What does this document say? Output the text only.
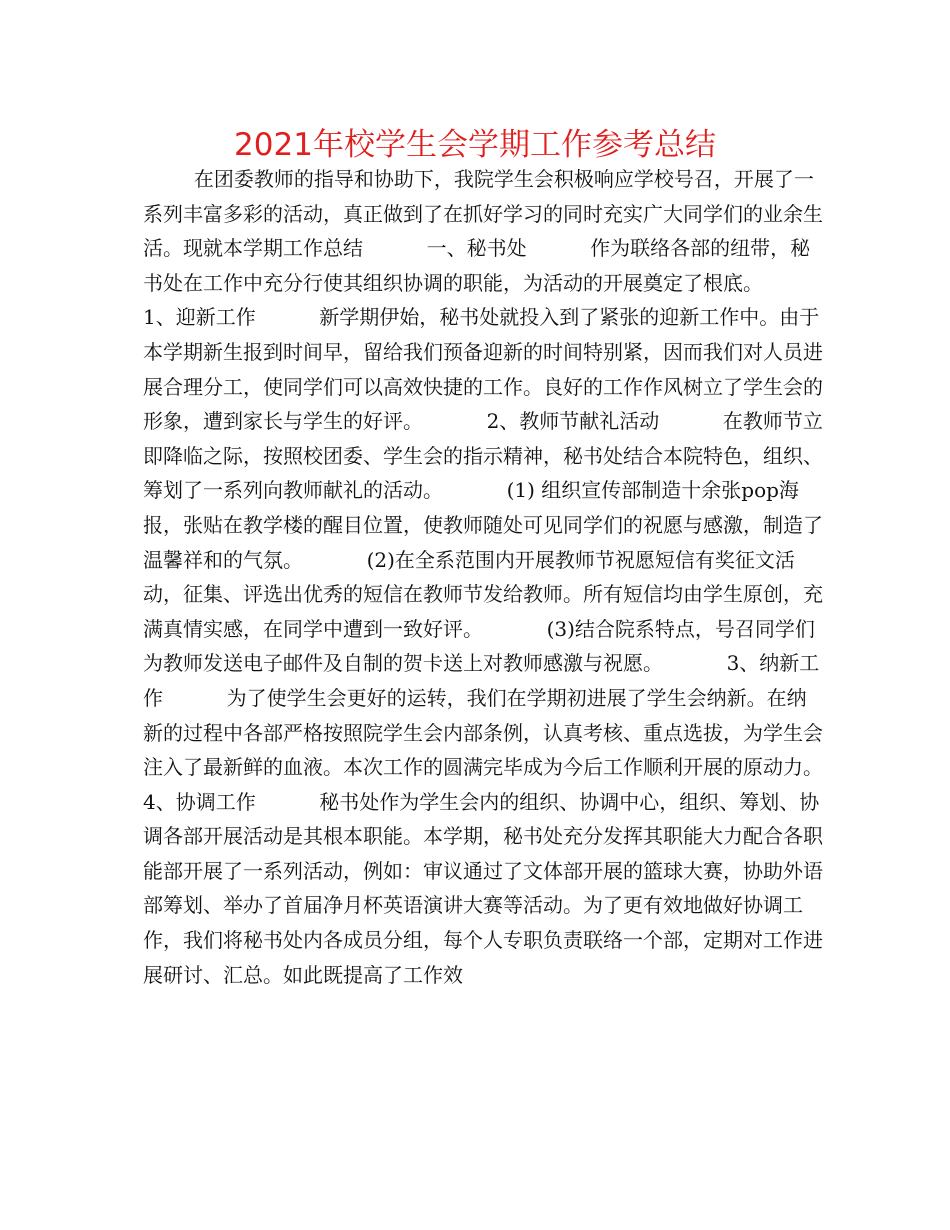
2021年校学生会学期工作参考总结

在团委教师的指导和协助下，我院学生会积极响应学校号召，开展了一系列丰富多彩的活动，真正做到了在抓好学习的同时充实广大同学们的业余生活。现就本学期工作总结          一、秘书处          作为联络各部的纽带，秘书处在工作中充分行使其组织协调的职能，为活动的开展奠定了根底。          1、迎新工作          新学期伊始，秘书处就投入到了紧张的迎新工作中。由于本学期新生报到时间早，留给我们预备迎新的时间特别紧，因而我们对人员进展合理分工，使同学们可以高效快捷的工作。良好的工作作风树立了学生会的形象，遭到家长与学生的好评。          2、教师节献礼活动          在教师节立即降临之际，按照校团委、学生会的指示精神，秘书处结合本院特色，组织、筹划了一系列向教师献礼的活动。          (1) 组织宣传部制造十余张pop海报，张贴在教学楼的醒目位置，使教师随处可见同学们的祝愿与感激，制造了温馨祥和的气氛。          (2)在全系范围内开展教师节祝愿短信有奖征文活动，征集、评选出优秀的短信在教师节发给教师。所有短信均由学生原创，充满真情实感，在同学中遭到一致好评。          (3)结合院系特点，号召同学们为教师发送电子邮件及自制的贺卡送上对教师感激与祝愿。          3、纳新工作          为了使学生会更好的运转，我们在学期初进展了学生会纳新。在纳新的过程中各部严格按照院学生会内部条例，认真考核、重点选拔，为学生会注入了最新鲜的血液。本次工作的圆满完毕成为今后工作顺利开展的原动力。          4、协调工作          秘书处作为学生会内的组织、协调中心，组织、筹划、协调各部开展活动是其根本职能。本学期，秘书处充分发挥其职能大力配合各职能部开展了一系列活动，例如：审议通过了文体部开展的篮球大赛，协助外语部筹划、举办了首届净月杯英语演讲大赛等活动。为了更有效地做好协调工作，我们将秘书处内各成员分组，每个人专职负责联络一个部，定期对工作进展研讨、汇总。如此既提高了工作效
